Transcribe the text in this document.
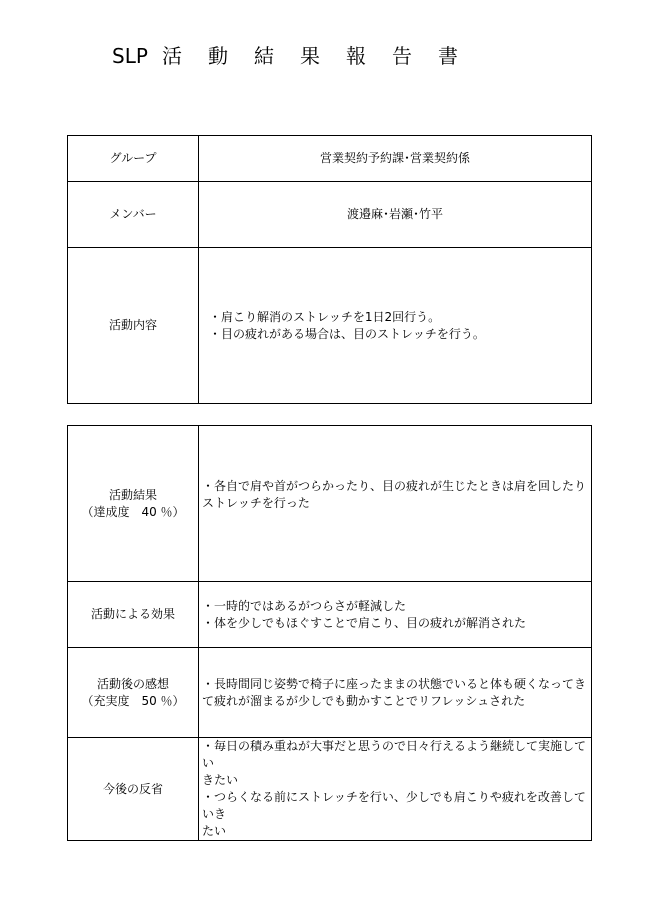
SLP 活 動 結 果 報 告 書
グループ	営業契約予約課･営業契約係
メンバー	渡邉麻･岩瀬･竹平
活動内容	・肩こり解消のストレッチを1日2回行う。
・目の疲れがある場合は、目のストレッチを行う。
活動結果
（達成度　40 ％）	・各自で肩や首がつらかったり、目の疲れが生じたときは肩を回したり
ストレッチを行った

活動による効果	・一時的ではあるがつらさが軽減した
・体を少しでもほぐすことで肩こり、目の疲れが解消された

活動後の感想
（充実度　50 ％）	・長時間同じ姿勢で椅子に座ったままの状態でいると体も硬くなってき
て疲れが溜まるが少しでも動かすことでリフレッシュされた

今後の反省	・毎日の積み重ねが大事だと思うので日々行えるよう継続して実施してい
きたい
・つらくなる前にストレッチを行い、少しでも肩こりや疲れを改善していき
たい
